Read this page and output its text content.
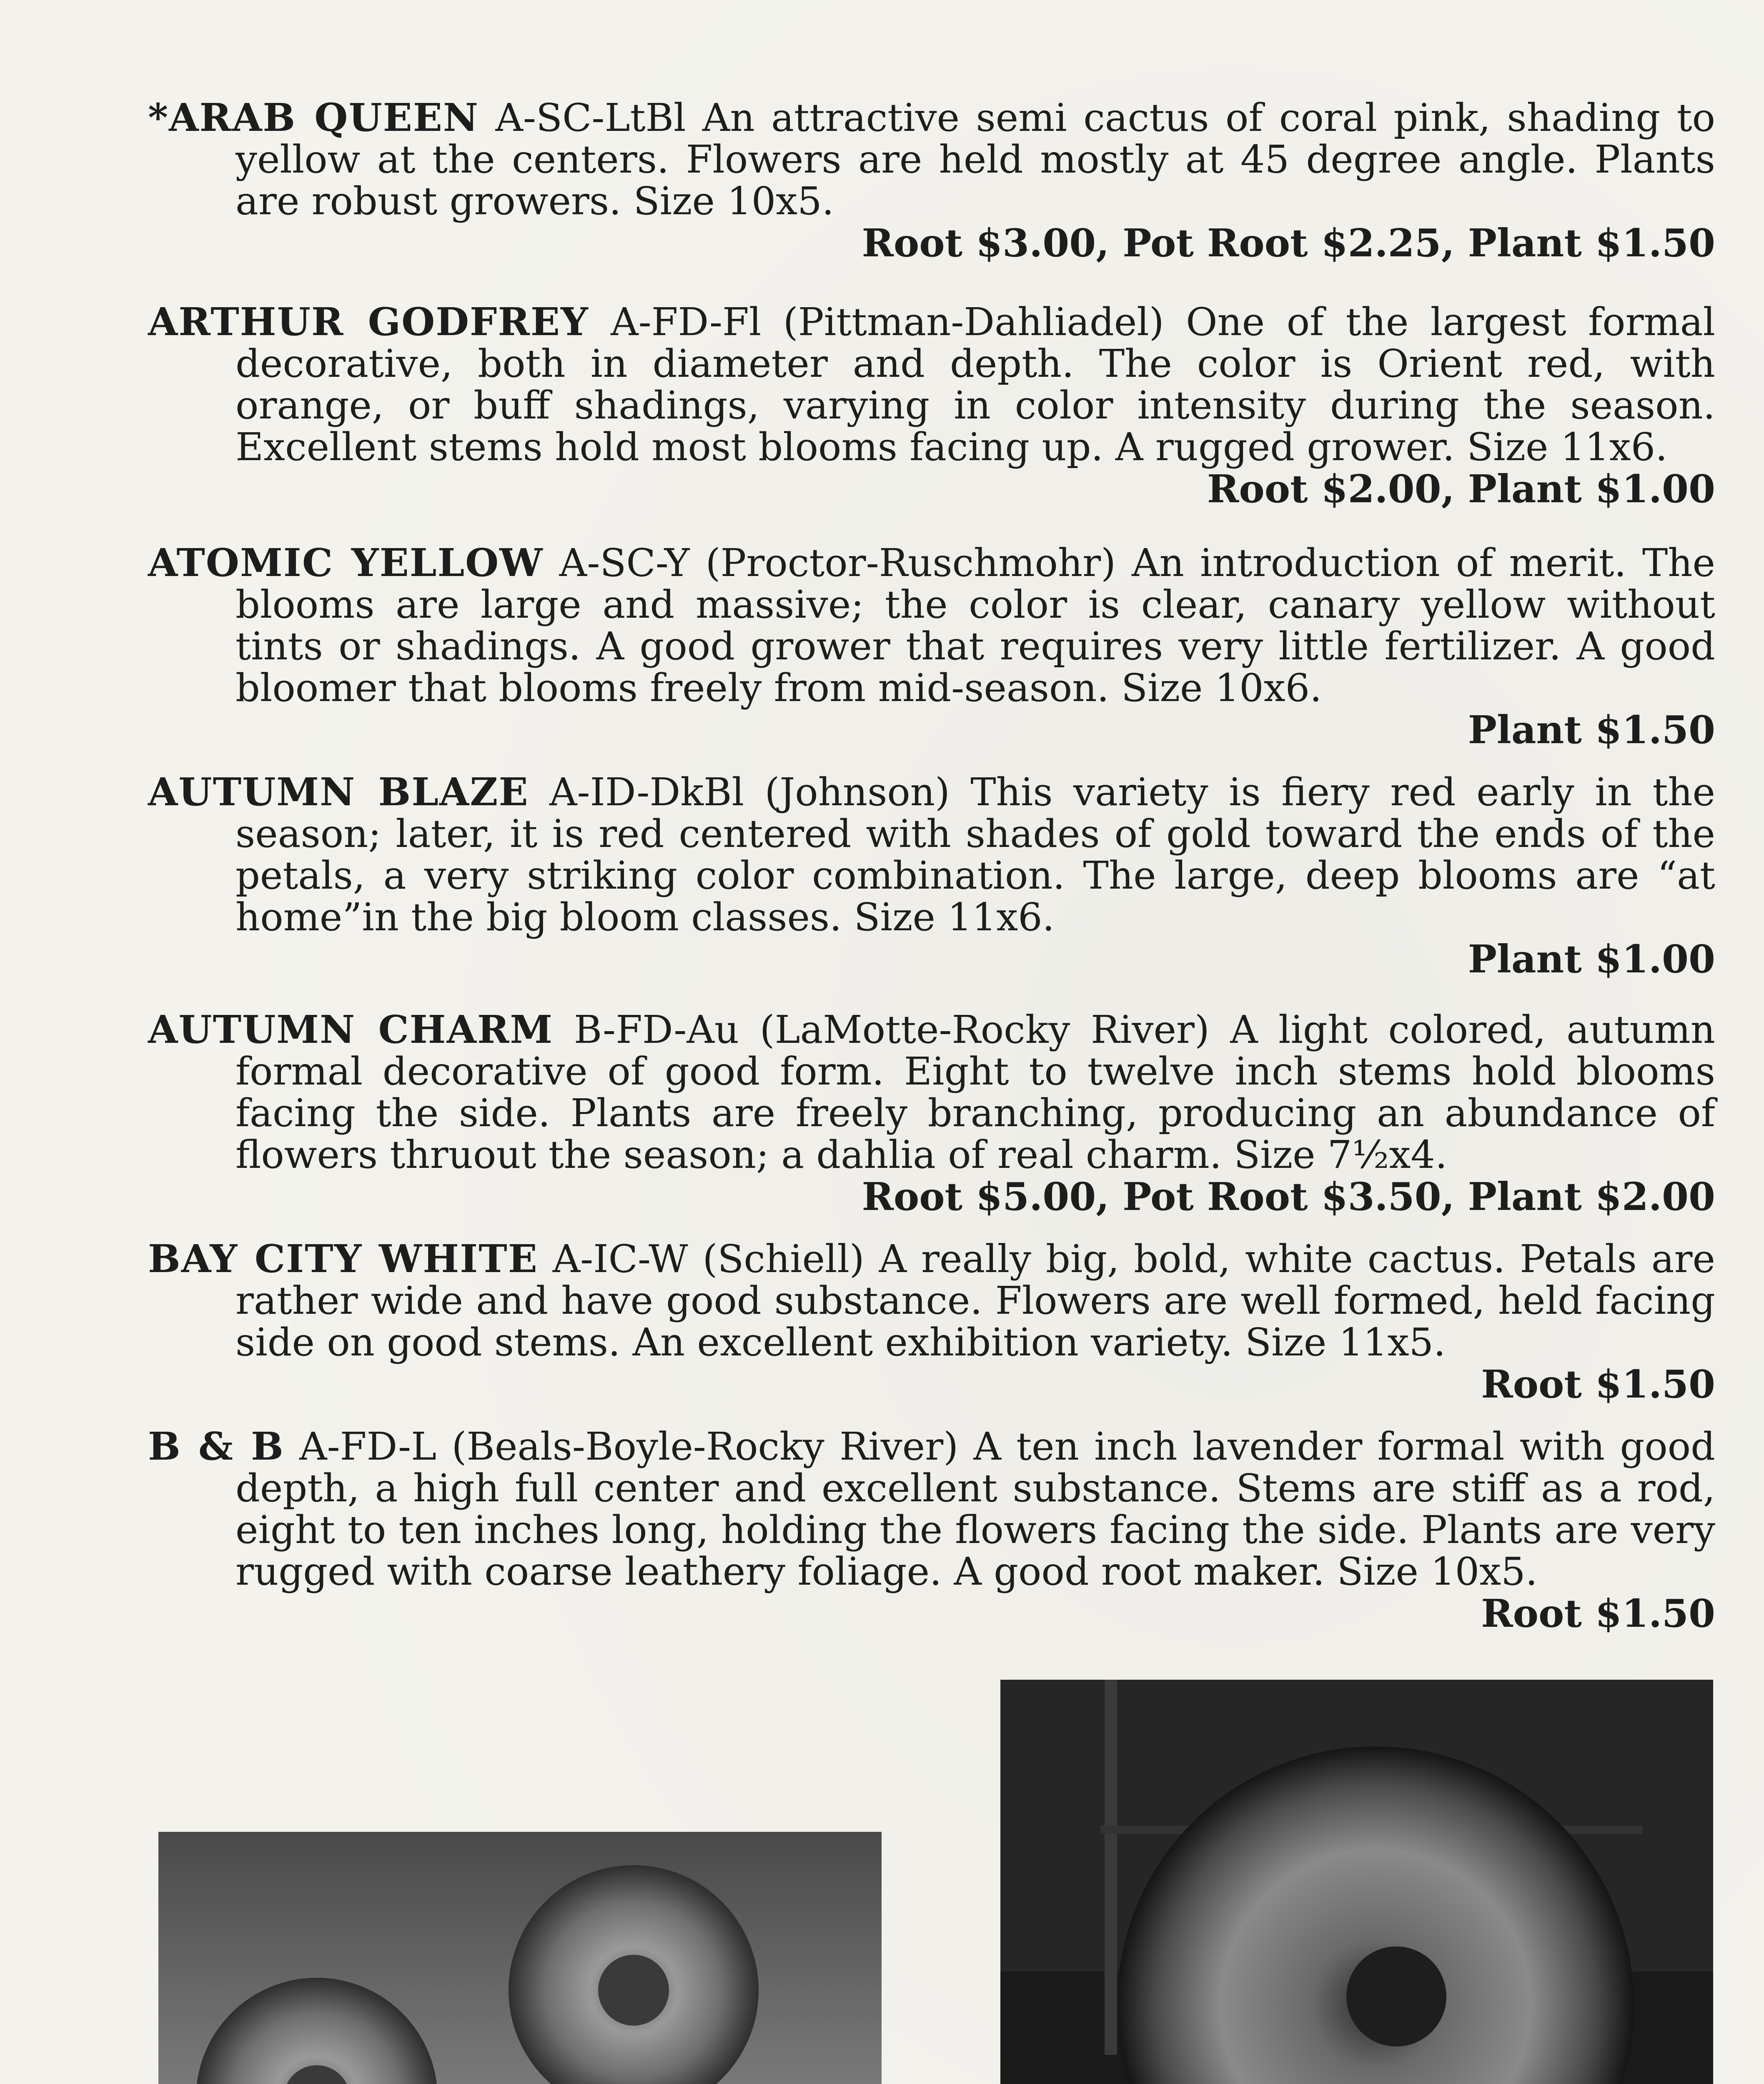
*ARAB QUEEN A-SC-LtBl An attractive semi cactus of coral pink, shading to yellow at the centers. Flowers are held mostly at 45 degree angle. Plants are robust growers. Size 10x5.
Root $3.00, Pot Root $2.25, Plant $1.50
ARTHUR GODFREY A-FD-Fl (Pittman-Dahliadel) One of the largest formal decorative, both in diameter and depth. The color is Orient red, with orange, or buff shadings, varying in color intensity during the season. Excellent stems hold most blooms facing up. A rugged grower. Size 11x6.
Root $2.00, Plant $1.00
ATOMIC YELLOW A-SC-Y (Proctor-Ruschmohr) An introduction of merit. The blooms are large and massive; the color is clear, canary yellow without tints or shadings. A good grower that requires very little fertilizer. A good bloomer that blooms freely from mid-season. Size 10x6.
Plant $1.50
AUTUMN BLAZE A-ID-DkBl (Johnson) This variety is fiery red early in the season; later, it is red centered with shades of gold toward the ends of the petals, a very striking color combination. The large, deep blooms are “at home”in the big bloom classes. Size 11x6.
Plant $1.00
AUTUMN CHARM B-FD-Au (LaMotte-Rocky River) A light colored, autumn formal decorative of good form. Eight to twelve inch stems hold blooms facing the side. Plants are freely branching, producing an abundance of flowers thruout the season; a dahlia of real charm. Size 7½x4.
Root $5.00, Pot Root $3.50, Plant $2.00
BAY CITY WHITE A-IC-W (Schiell) A really big, bold, white cactus. Petals are rather wide and have good substance. Flowers are well formed, held facing side on good stems. An excellent exhibition variety. Size 11x5.
Root $1.50
B & B A-FD-L (Beals-Boyle-Rocky River) A ten inch lavender formal with good depth, a high full center and excellent substance. Stems are stiff as a rod, eight to ten inches long, holding the flowers facing the side. Plants are very rugged with coarse leathery foliage. A good root maker. Size 10x5.
Root $1.50
